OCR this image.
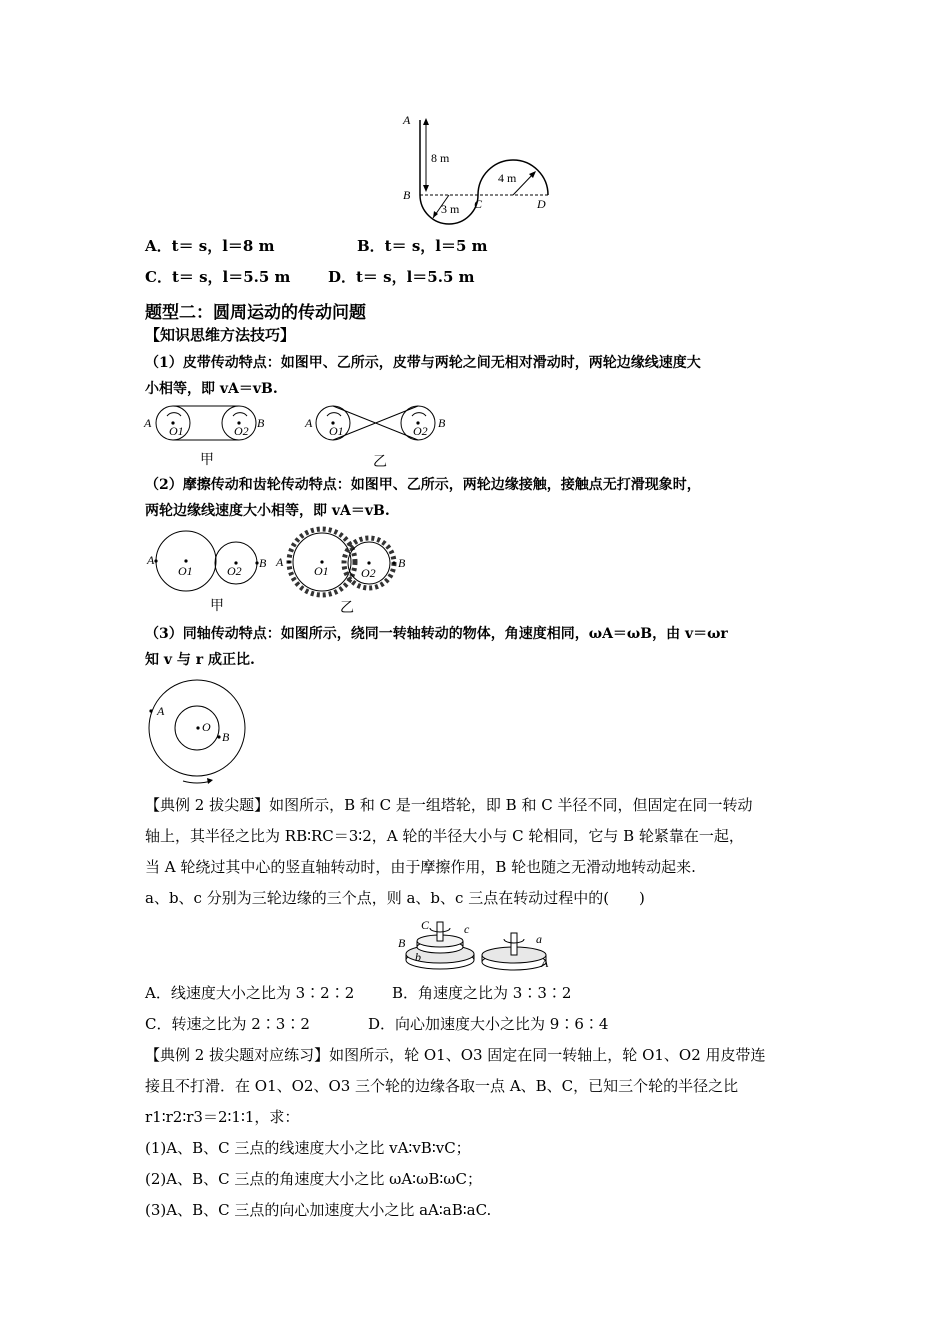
A
B
C	D
8 m
3 m
4 m
A．t＝ s，l＝8 m	B．t＝ s，l＝5 m
C．t＝ s，l＝5.5 m	D．t＝ s，l＝5.5 m
题型二：圆周运动的传动问题
【知识思维方法技巧】
（1）皮带传动特点：如图甲、乙所示，皮带与两轮之间无相对滑动时，两轮边缘线速度大
小相等，即 vA＝vB.
A	B
O1	O2
甲
A	B
O1	O2
乙
（2）摩擦传动和齿轮传动特点：如图甲、乙所示，两轮边缘接触，接触点无打滑现象时，
两轮边缘线速度大小相等，即 vA＝vB.
A	B
O1	O2
甲
A	B
O1	O2
乙
（3）同轴传动特点：如图所示，绕同一转轴转动的物体，角速度相同，ωA＝ωB，由 v＝ωr
知 v 与 r 成正比.
A
O
B
【典例 2 拔尖题】如图所示，B 和 C 是一组塔轮，即 B 和 C 半径不同，但固定在同一转动
轴上，其半径之比为 RB∶RC＝3∶2，A 轮的半径大小与 C 轮相同，它与 B 轮紧靠在一起，
当 A 轮绕过其中心的竖直轴转动时，由于摩擦作用，B 轮也随之无滑动地转动起来.
a、b、c 分别为三轮边缘的三个点，则 a、b、c 三点在转动过程中的(　　)
C	c
B
b
a
A
A．线速度大小之比为 3∶2∶2	B．角速度之比为 3∶3∶2
C．转速之比为 2∶3∶2	D．向心加速度大小之比为 9∶6∶4
【典例 2 拔尖题对应练习】如图所示，轮 O1、O3 固定在同一转轴上，轮 O1、O2 用皮带连
接且不打滑．在 O1、O2、O3 三个轮的边缘各取一点 A、B、C，已知三个轮的半径之比
r1∶r2∶r3＝2∶1∶1，求：
(1)A、B、C 三点的线速度大小之比 vA∶vB∶vC；
(2)A、B、C 三点的角速度大小之比 ωA∶ωB∶ωC；
(3)A、B、C 三点的向心加速度大小之比 aA∶aB∶aC.
